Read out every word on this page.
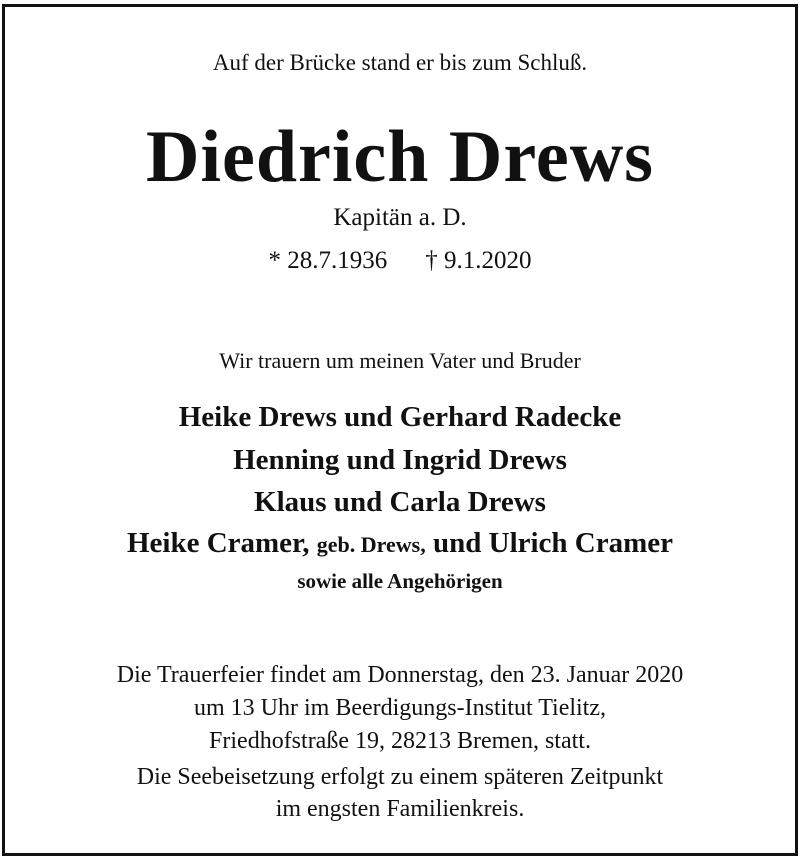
Auf der Brücke stand er bis zum Schluß.
Diedrich Drews
Kapitän a. D.
* 28.7.1936 † 9.1.2020
Wir trauern um meinen Vater und Bruder
Heike Drews und Gerhard Radecke
Henning und Ingrid Drews
Klaus und Carla Drews
Heike Cramer, geb. Drews, und Ulrich Cramer
sowie alle Angehörigen
Die Trauerfeier findet am Donnerstag, den 23. Januar 2020
um 13 Uhr im Beerdigungs-Institut Tielitz,
Friedhofstraße 19, 28213 Bremen, statt.
Die Seebeisetzung erfolgt zu einem späteren Zeitpunkt
im engsten Familienkreis.
